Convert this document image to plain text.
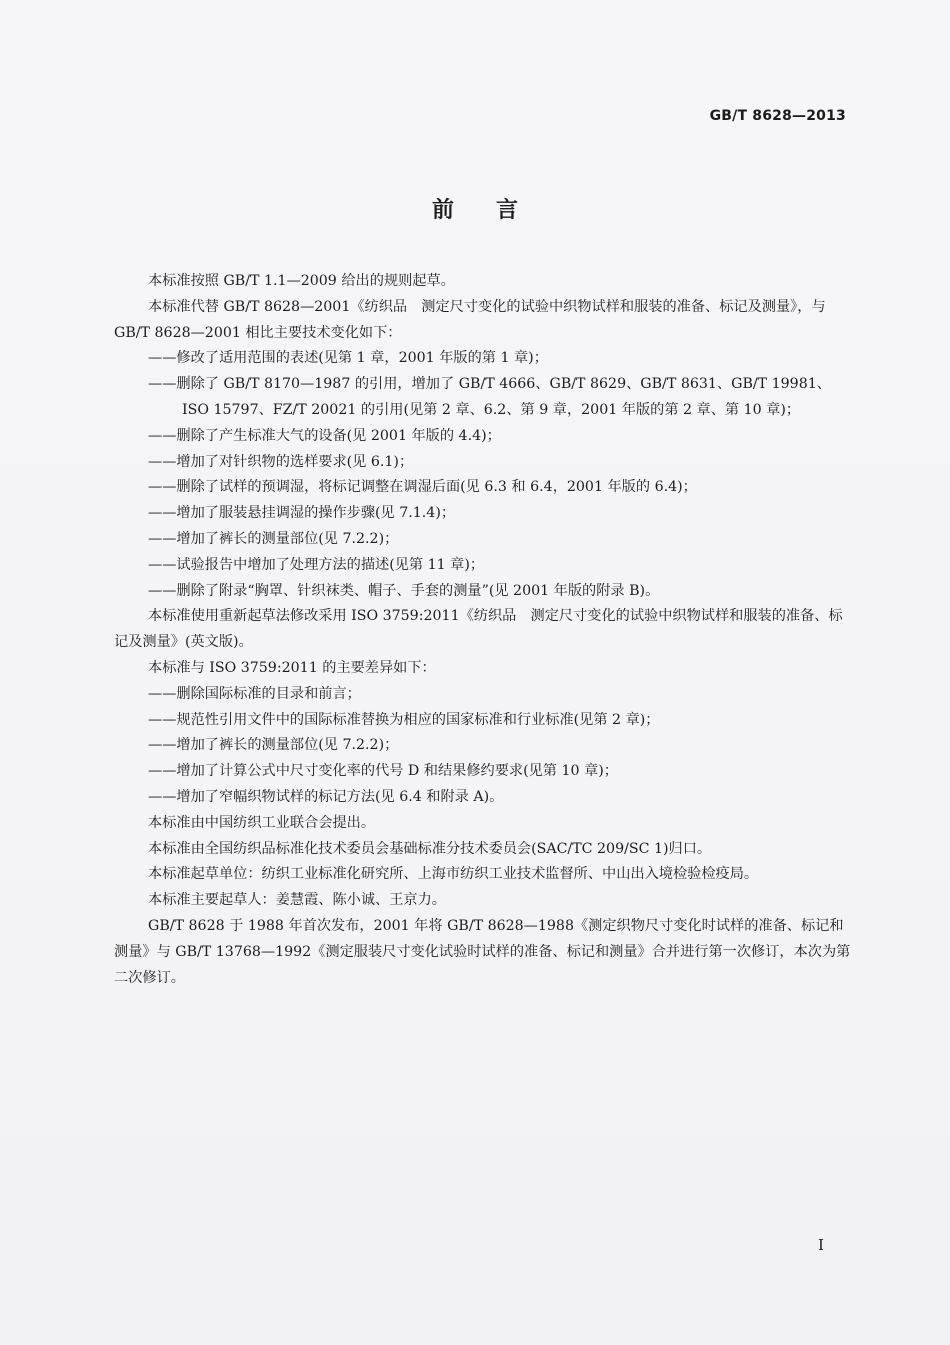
GB/T 8628—2013
前言

本标准按照 GB/T 1.1—2009 给出的规则起草。

本标准代替 GB/T 8628—2001《纺织品　测定尺寸变化的试验中织物试样和服装的准备、标记及测量》，与 GB/T 8628—2001 相比主要技术变化如下：

——修改了适用范围的表述(见第 1 章，2001 年版的第 1 章)；

——删除了 GB/T 8170—1987 的引用，增加了 GB/T 4666、GB/T 8629、GB/T 8631、GB/T 19981、
ISO 15797、FZ/T 20021 的引用(见第 2 章、6.2、第 9 章，2001 年版的第 2 章、第 10 章)；

——删除了产生标准大气的设备(见 2001 年版的 4.4)；

——增加了对针织物的选样要求(见 6.1)；

——删除了试样的预调湿，将标记调整在调湿后面(见 6.3 和 6.4，2001 年版的 6.4)；

——增加了服装悬挂调湿的操作步骤(见 7.1.4)；

——增加了裤长的测量部位(见 7.2.2)；

——试验报告中增加了处理方法的描述(见第 11 章)；

——删除了附录“胸罩、针织袜类、帽子、手套的测量”(见 2001 年版的附录 B)。

本标准使用重新起草法修改采用 ISO 3759:2011《纺织品　测定尺寸变化的试验中织物试样和服装的准备、标记及测量》(英文版)。

本标准与 ISO 3759:2011 的主要差异如下：

——删除国际标准的目录和前言；

——规范性引用文件中的国际标准替换为相应的国家标准和行业标准(见第 2 章)；

——增加了裤长的测量部位(见 7.2.2)；

——增加了计算公式中尺寸变化率的代号 D 和结果修约要求(见第 10 章)；

——增加了窄幅织物试样的标记方法(见 6.4 和附录 A)。

本标准由中国纺织工业联合会提出。

本标准由全国纺织品标准化技术委员会基础标准分技术委员会(SAC/TC 209/SC 1)归口。

本标准起草单位：纺织工业标准化研究所、上海市纺织工业技术监督所、中山出入境检验检疫局。

本标准主要起草人：姜慧霞、陈小诚、王京力。

GB/T 8628 于 1988 年首次发布，2001 年将 GB/T 8628—1988《测定织物尺寸变化时试样的准备、标记和测量》与 GB/T 13768—1992《测定服装尺寸变化试验时试样的准备、标记和测量》合并进行第一次修订，本次为第二次修订。

I
